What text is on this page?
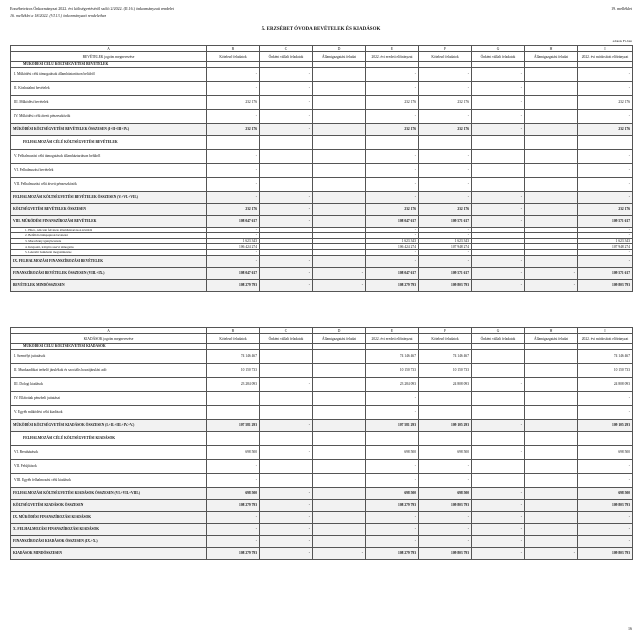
Erzsébetváros Önkormányzat 2022. évi költségvetéséről szóló 2/2022. (II.16.) önkormányzati rendelet
16. melléklet a 18/2022. (VI.13.) önkormányzati rendelethez
19. melléklet
5. ERZSÉBET ÓVODA BEVÉTELEK ÉS KIADÁSOK
adatok Ft-ban
A	B	C	D	E	F	G	H	I
BEVÉTELEK jogcím megnevezése	Kötelező feladatok	Önként vállalt feladatok	Államigazgatási feladat	2022. évi eredeti előirányzat	Kötelező feladatok	Önként vállalt feladatok	Államigazgatási feladat	2022. évi módosított előirányzat
MŰKÖDÉSI CÉLÚ KÖLTSÉGVETÉSI BEVÉTELEK								
I. Működési célú támogatások államháztartáson belülről	-	-		-	-	-		-
II. Közhatalmi bevételek	-	-		-	-	-		-
III. Működési bevételek	232 176	-		232 176	232 176	-		232 176
IV. Működési célú átvett pénzeszközök	-	-		-	-	-		-
MŰKÖDÉSI KÖLTSÉGVETÉSI BEVÉTELEK ÖSSZESEN (I+II+III+IV.)	232 176	-		232 176	232 176	-		232 176
FELHALMOZÁSI CÉLÚ KÖLTSÉGVETÉSI BEVÉTELEK								
V. Felhalmozási célú támogatások államháztartáson belülről	-			-	-			-
VI. Felhalmozási bevételek	-			-	-			-
VII. Felhalmozási célú átvett pénzeszközök	-			-	-			-
FELHALMOZÁSI KÖLTSÉGVETÉSI BEVÉTELEK ÖSSZESEN (V.+VI.+VII.)	-	-		-	-	-		-
KÖLTSÉGVETÉSI BEVÉTELEK ÖSSZESEN	232 176	-		232 176	232 176	-		232 176
VIII. MŰKÖDÉSI FINANSZÍROZÁSI BEVÉTELEK	108 047 617	-		108 047 617	109 571 617	-		109 571 617
1. Hitel-, kölcsön felvétele államháztartáson kívülről	-			-	-			-
2. Belföldi értékpapírok bevételei	-			-	-			-
3. Maradvány igénybevétele	1 623 343			1 623 343	1 623 343			1 623 343
4. Központi, irányító szervi támogatás	106 424 274			106 424 274	107 948 274			107 948 274
5. Lekötött bankbetét megszüntetése	-			-	-			-
IX. FELHALMOZÁSI FINANSZÍROZÁSI BEVÉTELEK	-	-		-	-	-		-
FINANSZÍROZÁSI BEVÉTELEK ÖSSZESEN (VIII.+IX.)	108 047 617	-	-	108 047 617	109 571 617	-	-	109 571 617
BEVÉTELEK MINDÖSSZESEN	108 279 793	-	-	108 279 793	109 803 793	-	-	109 803 793
A	B	C	D	E	F	G	H	I
KIADÁSOK jogcím megnevezése	Kötelező feladatok	Önként vállalt feladatok	Államigazgatási feladat	2022. évi eredeti előirányzat	Kötelező feladatok	Önként vállalt feladatok	Államigazgatási feladat	2022. évi módosított előirányzat
MŰKÖDÉSI CÉLÚ KÖLTSÉGVETÉSI KIADÁSOK								
I. Személyi juttatások	74 146 467			74 146 467	74 146 467			74 146 467
II. Munkaadókat terhelő járulékok és szociális hozzájárulási adó	10 150 733			10 150 733	10 150 733			10 150 733
III. Dologi kiadások	23 284 093	-		23 284 093	24 808 093	-		24 808 093
IV. Ellátottak pénzbeli juttatásai				-				-
V. Egyéb működési célú kiadások				-				-
MŰKÖDÉSI KÖLTSÉGVETÉSI KIADÁSOK ÖSSZESEN (I.+II.+III.+IV.+V.)	107 581 293	-		107 581 293	109 105 293	-		109 105 293
FELHALMOZÁSI CÉLÚ KÖLTSÉGVETÉSI KIADÁSOK								
VI. Beruházások	698 500	-		698 500	698 500	-		698 500
VII. Felújítások	-			-	-			-
VIII. Egyéb felhalmozási célú kiadások	-			-	-			-
FELHALMOZÁSI KÖLTSÉGVETÉSI KIADÁSOK ÖSSZESEN (VI.+VII.+VIII.)	698 500	-		698 500	698 500	-		698 500
KÖLTSÉGVETÉSI KIADÁSOK ÖSSZESEN	108 279 793	-		108 279 793	109 803 793	-		109 803 793
IX. MŰKÖDÉSI FINANSZÍROZÁSI KIADÁSOK	-	-		-	-	-		-
X. FELHALMOZÁSI FINANSZÍROZÁSI KIADÁSOK	-	-		-	-	-		-
FINANSZÍROZÁSI KIADÁSOK ÖSSZESEN (IX.+X.)	-	-		-	-	-		-
KIADÁSOK MINDÖSSZESEN	108 279 793	-	-	108 279 793	109 803 793	-	-	109 803 793
16
